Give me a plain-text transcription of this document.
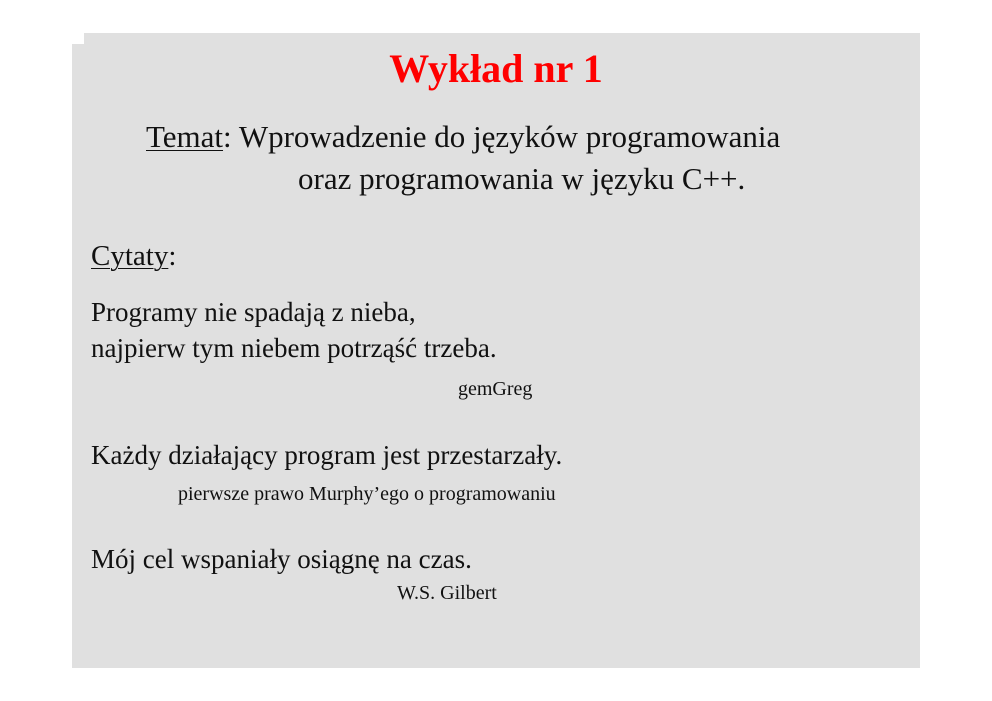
Wykład nr 1
Temat: Wprowadzenie do języków programowania
oraz programowania w języku C++.
Cytaty:
Programy nie spadają z nieba,
najpierw tym niebem potrząść trzeba.
gemGreg
Każdy działający program jest przestarzały.
pierwsze prawo Murphy’ego o programowaniu
Mój cel wspaniały osiągnę na czas.
W.S. Gilbert
